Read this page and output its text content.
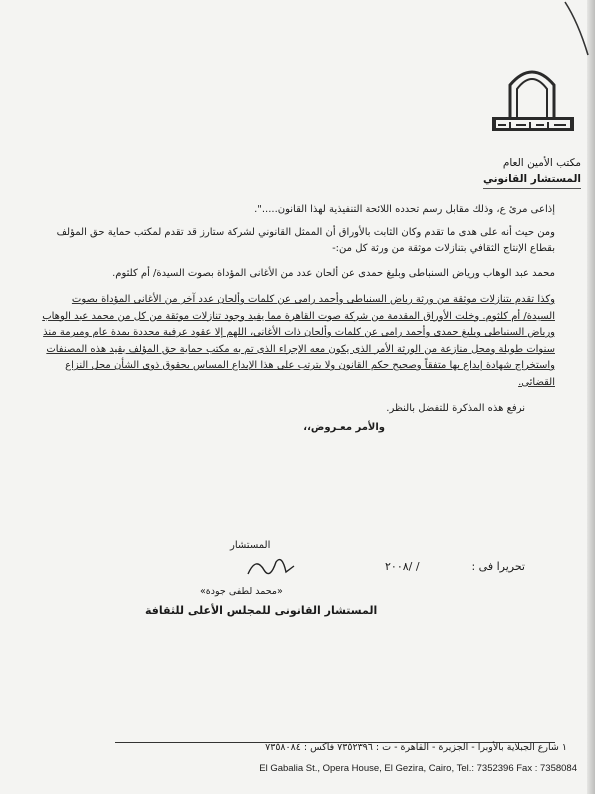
مكتب الأمين العام
المستشار القانوني

إذاعى مرئ ع، وذلك مقابل رسم تحدده اللائحة التنفيذية لهذا القانون.....".

ومن حيث أنه على هدى ما تقدم وكان الثابت بالأوراق أن الممثل القانوني لشركة ستارز قد تقدم لمكتب حماية حق المؤلف بقطاع الإنتاج الثقافي بتنازلات موثقة من ورثة كل من:-

محمد عبد الوهاب ورياض السنباطى وبليغ حمدى عن ألحان عدد من الأغانى المؤداة بصوت السيدة/ أم كلثوم.

وكذا تقدم بتنازلات موثقة من ورثة رياض السنباطى وأحمد رامى عن كلمات وألحان عدد آخر من الأغانى المؤداة بصوت السيدة/ أم كلثوم. وخلت الأوراق المقدمة من شركة صوت القاهرة مما يفيد وجود تنازلات موثقة من كل من محمد عبد الوهاب ورياض السنباطى وبليغ حمدى وأحمد رامى عن كلمات وألحان ذات الأغانى، اللهم إلا عقود عرفية محددة بمدة عام ومبرمة منذ سنوات طويلة ومحل منازعة من الورثة الأمر الذى يكون معه الإجراء الذى تم به مكتب حماية حق المؤلف بقيد هذه المصنفات واستخراج شهادة إيداع بها متفقاً وصحيح حكم القانون ولا يترتب على هذا الإيداع المساس بحقوق ذوى الشأن محل النزاع القضائى.

نرفع هذه المذكرة للتفضل بالنظر.

والأمر معـروض،،

المستشار
تحريرا فى :
/ /٢٠٠٨
«محمد لطفى جودة»
المستشار القانونى للمجلس الأعلى للثقافة
١ شارع الجبلاية بالأوبرا - الجزيرة - القاهرة - ت : ٧٣٥٢٣٩٦ فاكس : ٧٣٥٨٠٨٤
El Gabalia St., Opera House, El Gezira, Cairo, Tel.: 7352396 Fax : 7358084
